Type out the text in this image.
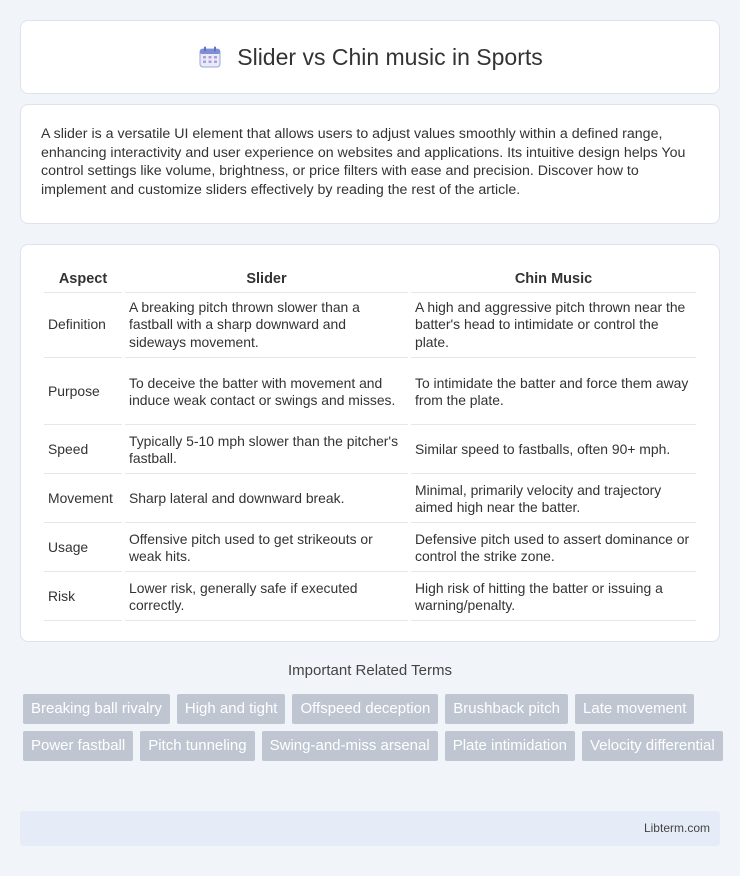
Slider vs Chin music in Sports

A slider is a versatile UI element that allows users to adjust values smoothly within a defined range, enhancing interactivity and user experience on websites and applications. Its intuitive design helps You control settings like volume, brightness, or price filters with ease and precision. Discover how to implement and customize sliders effectively by reading the rest of the article.

Aspect	Slider	Chin Music
Definition	A breaking pitch thrown slower than a fastball with a sharp downward and sideways movement.	A high and aggressive pitch thrown near the batter's head to intimidate or control the plate.
Purpose	To deceive the batter with movement and induce weak contact or swings and misses.	To intimidate the batter and force them away from the plate.
Speed	Typically 5-10 mph slower than the pitcher's fastball.	Similar speed to fastballs, often 90+ mph.
Movement	Sharp lateral and downward break.	Minimal, primarily velocity and trajectory aimed high near the batter.
Usage	Offensive pitch used to get strikeouts or weak hits.	Defensive pitch used to assert dominance or control the strike zone.
Risk	Lower risk, generally safe if executed correctly.	High risk of hitting the batter or issuing a warning/penalty.
Important Related Terms
Breaking ball rivalry	High and tight	Offspeed deception	Brushback pitch	Late movement
Power fastball	Pitch tunneling	Swing-and-miss arsenal	Plate intimidation	Velocity differential
Libterm.com
